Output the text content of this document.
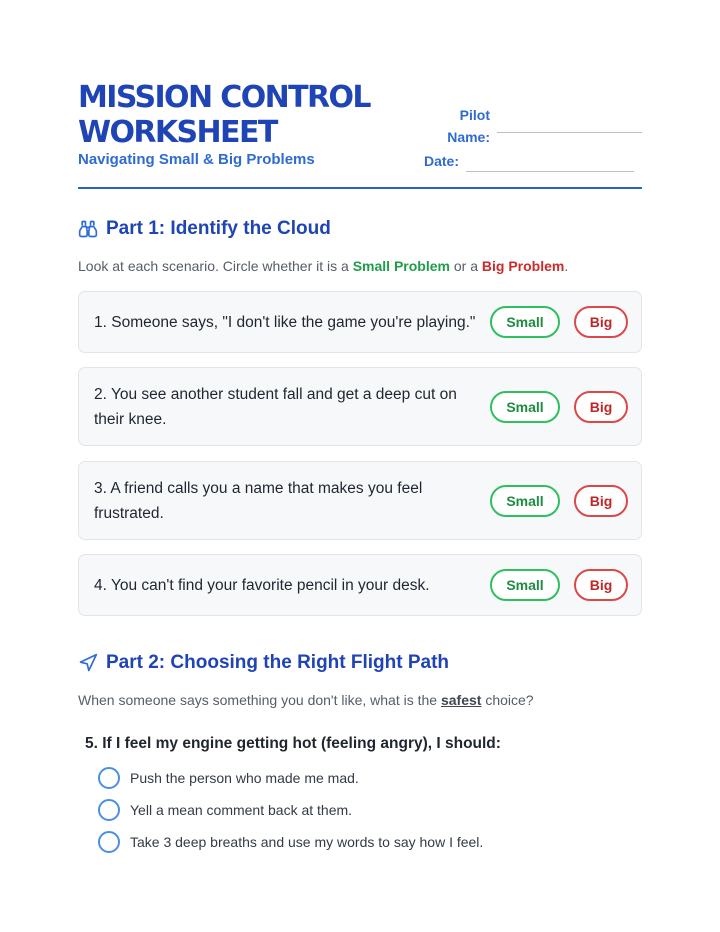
MISSION CONTROL
WORKSHEET
Navigating Small & Big Problems
Pilot
Name:
Date:
Part 1: Identify the Cloud
Look at each scenario. Circle whether it is a Small Problem or a Big Problem.
1. Someone says, "I don't like the game you're playing."	Small	Big
2. You see another student fall and get a deep cut on their knee.
Small	Big
3. A friend calls you a name that makes you feel frustrated.
Small	Big
4. You can't find your favorite pencil in your desk.	Small	Big
Part 2: Choosing the Right Flight Path
When someone says something you don't like, what is the safest choice?
5. If I feel my engine getting hot (feeling angry), I should:
Push the person who made me mad.
Yell a mean comment back at them.
Take 3 deep breaths and use my words to say how I feel.
